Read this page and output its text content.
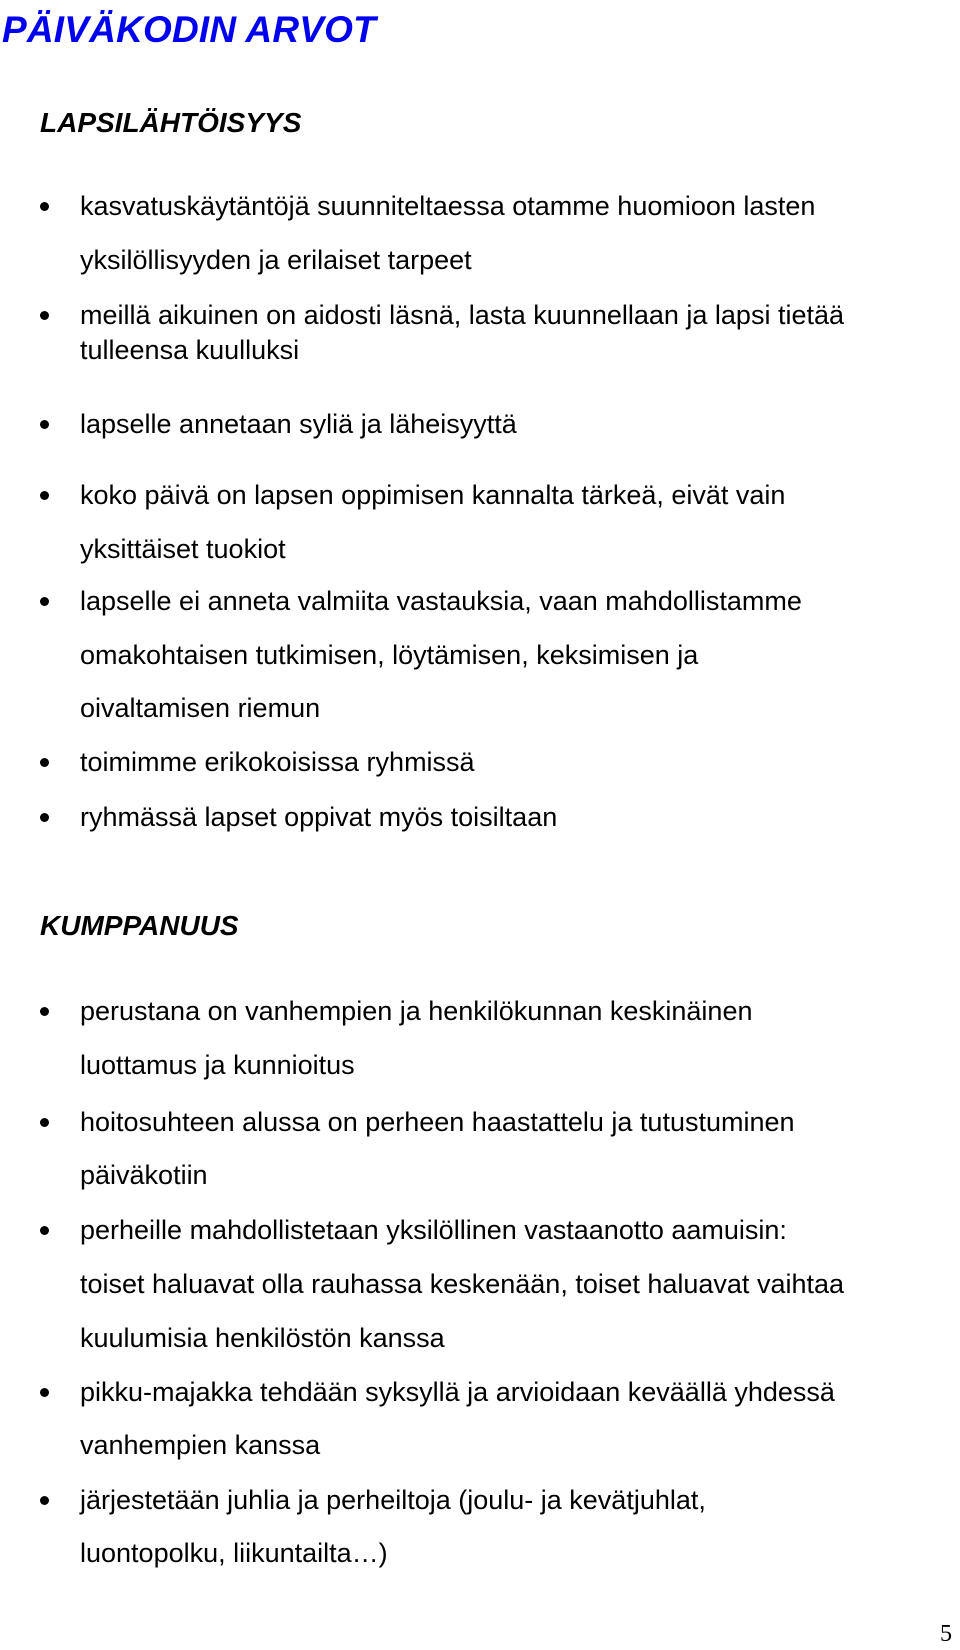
PÄIVÄKODIN ARVOT
LAPSILÄHTÖISYYS
kasvatuskäytäntöjä suunniteltaessa otamme huomioon lasten
yksilöllisyyden ja erilaiset tarpeet
meillä aikuinen on aidosti läsnä, lasta kuunnellaan ja lapsi tietää
tulleensa kuulluksi
lapselle annetaan syliä ja läheisyyttä
koko päivä on lapsen oppimisen kannalta tärkeä, eivät vain
yksittäiset tuokiot
lapselle ei anneta valmiita vastauksia, vaan mahdollistamme
omakohtaisen tutkimisen, löytämisen, keksimisen ja
oivaltamisen riemun
toimimme erikokoisissa ryhmissä
ryhmässä lapset oppivat myös toisiltaan
KUMPPANUUS
perustana on vanhempien ja henkilökunnan keskinäinen
luottamus ja kunnioitus
hoitosuhteen alussa on perheen haastattelu ja tutustuminen
päiväkotiin
perheille mahdollistetaan yksilöllinen vastaanotto aamuisin:
toiset haluavat olla rauhassa keskenään, toiset haluavat vaihtaa
kuulumisia henkilöstön kanssa
pikku-majakka tehdään syksyllä ja arvioidaan keväällä yhdessä
vanhempien kanssa
järjestetään juhlia ja perheiltoja (joulu- ja kevätjuhlat,
luontopolku, liikuntailta…)
5
